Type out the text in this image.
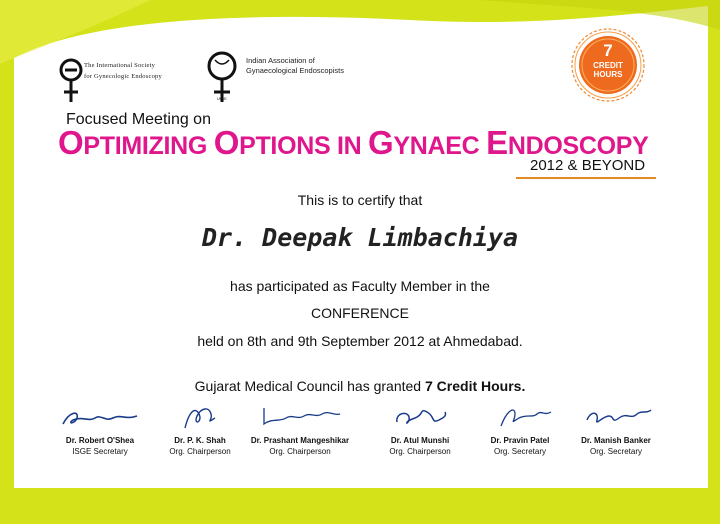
The International Society
for Gynecologic Endoscopy
IAGE
Indian Association of
Gynaecological Endoscopists
7
CREDIT
HOURS
Focused Meeting on
OPTIMIZING OPTIONS IN GYNAEC ENDOSCOPY
2012 & BEYOND
This is to certify that
Dr. Deepak Limbachiya
has participated as Faculty Member in the
CONFERENCE
held on 8th and 9th September 2012 at Ahmedabad.
Gujarat Medical Council has granted 7 Credit Hours.
Dr. Robert O'Shea
ISGE Secretary
Dr. P. K. Shah
Org. Chairperson
Dr. Prashant Mangeshikar
Org. Chairperson
Dr. Atul Munshi
Org. Chairperson
Dr. Pravin Patel
Org. Secretary
Dr. Manish Banker
Org. Secretary
